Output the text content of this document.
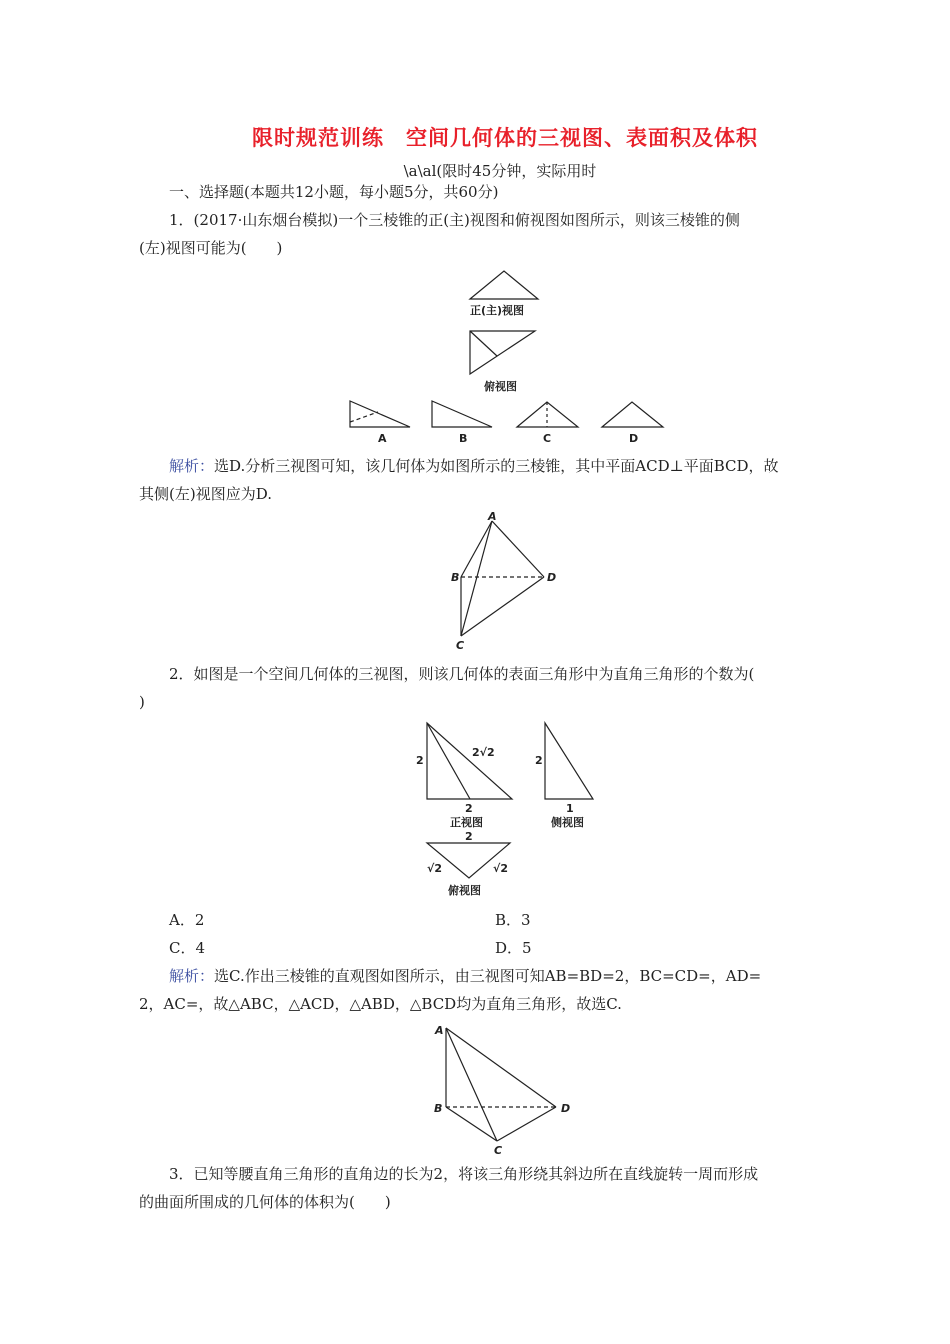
限时规范训练　空间几何体的三视图、表面积及体积
\a\al(限时45分钟，实际用时
一、选择题(本题共12小题，每小题5分，共60分)
1．(2017·山东烟台模拟)一个三棱锥的正(主)视图和俯视图如图所示，则该三棱锥的侧
(左)视图可能为(　　)
解析：选D.分析三视图可知，该几何体为如图所示的三棱锥，其中平面ACD⊥平面BCD，故
其侧(左)视图应为D.
2．如图是一个空间几何体的三视图，则该几何体的表面三角形中为直角三角形的个数为(
)
A．2	B．3
C．4	D．5
解析：选C.作出三棱锥的直观图如图所示，由三视图可知AB=BD=2，BC=CD=，AD=
2，AC=，故△ABC，△ACD，△ABD，△BCD均为直角三角形，故选C.
3．已知等腰直角三角形的直角边的长为2，将该三角形绕其斜边所在直线旋转一周而形成
的曲面所围成的几何体的体积为(　　)
正(主)视图
俯视图
A	B	C	D
A
B
C
D
2
2√2
2
正视图
2
1
侧视图
2
√2	√2
俯视图
A
B
C
D
